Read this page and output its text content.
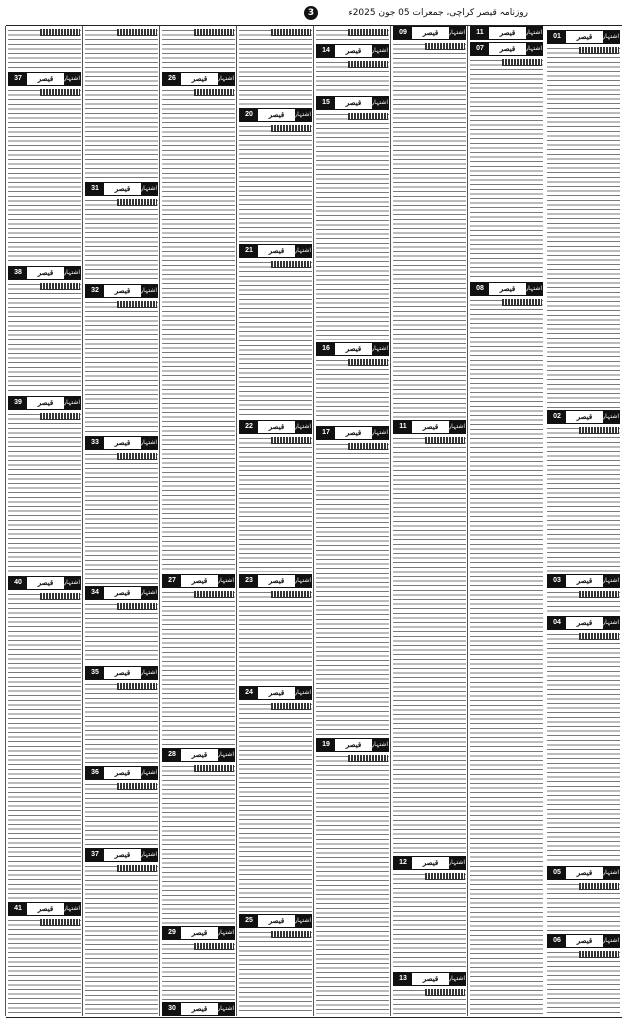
3	روزنامہ قیصر کراچی، جمعرات 05 جون 2025ء
اشتہار
قیصر
01
اشتہار
قیصر
02
اشتہار
قیصر
03
اشتہار
قیصر
04
اشتہار
قیصر
05
اشتہار
قیصر
06
اشتہار
قیصر
07
اشتہار
قیصر
08
اشتہار
قیصر
11
اشتہار
قیصر
09
اشتہار
قیصر
11
اشتہار
قیصر
12
اشتہار
قیصر
13
اشتہار
قیصر
14
اشتہار
قیصر
15
اشتہار
قیصر
16
اشتہار
قیصر
17
اشتہار
قیصر
19
اشتہار
قیصر
20
اشتہار
قیصر
21
اشتہار
قیصر
22
اشتہار
قیصر
23
اشتہار
قیصر
24
اشتہار
قیصر
25
اشتہار
قیصر
26
اشتہار
قیصر
27
اشتہار
قیصر
28
اشتہار
قیصر
29
اشتہار
قیصر
30
اشتہار
قیصر
31
اشتہار
قیصر
32
اشتہار
قیصر
33
اشتہار
قیصر
34
اشتہار
قیصر
35
اشتہار
قیصر
36
اشتہار
قیصر
37
اشتہار
قیصر
37
اشتہار
قیصر
38
اشتہار
قیصر
39
اشتہار
قیصر
40
اشتہار
قیصر
41
